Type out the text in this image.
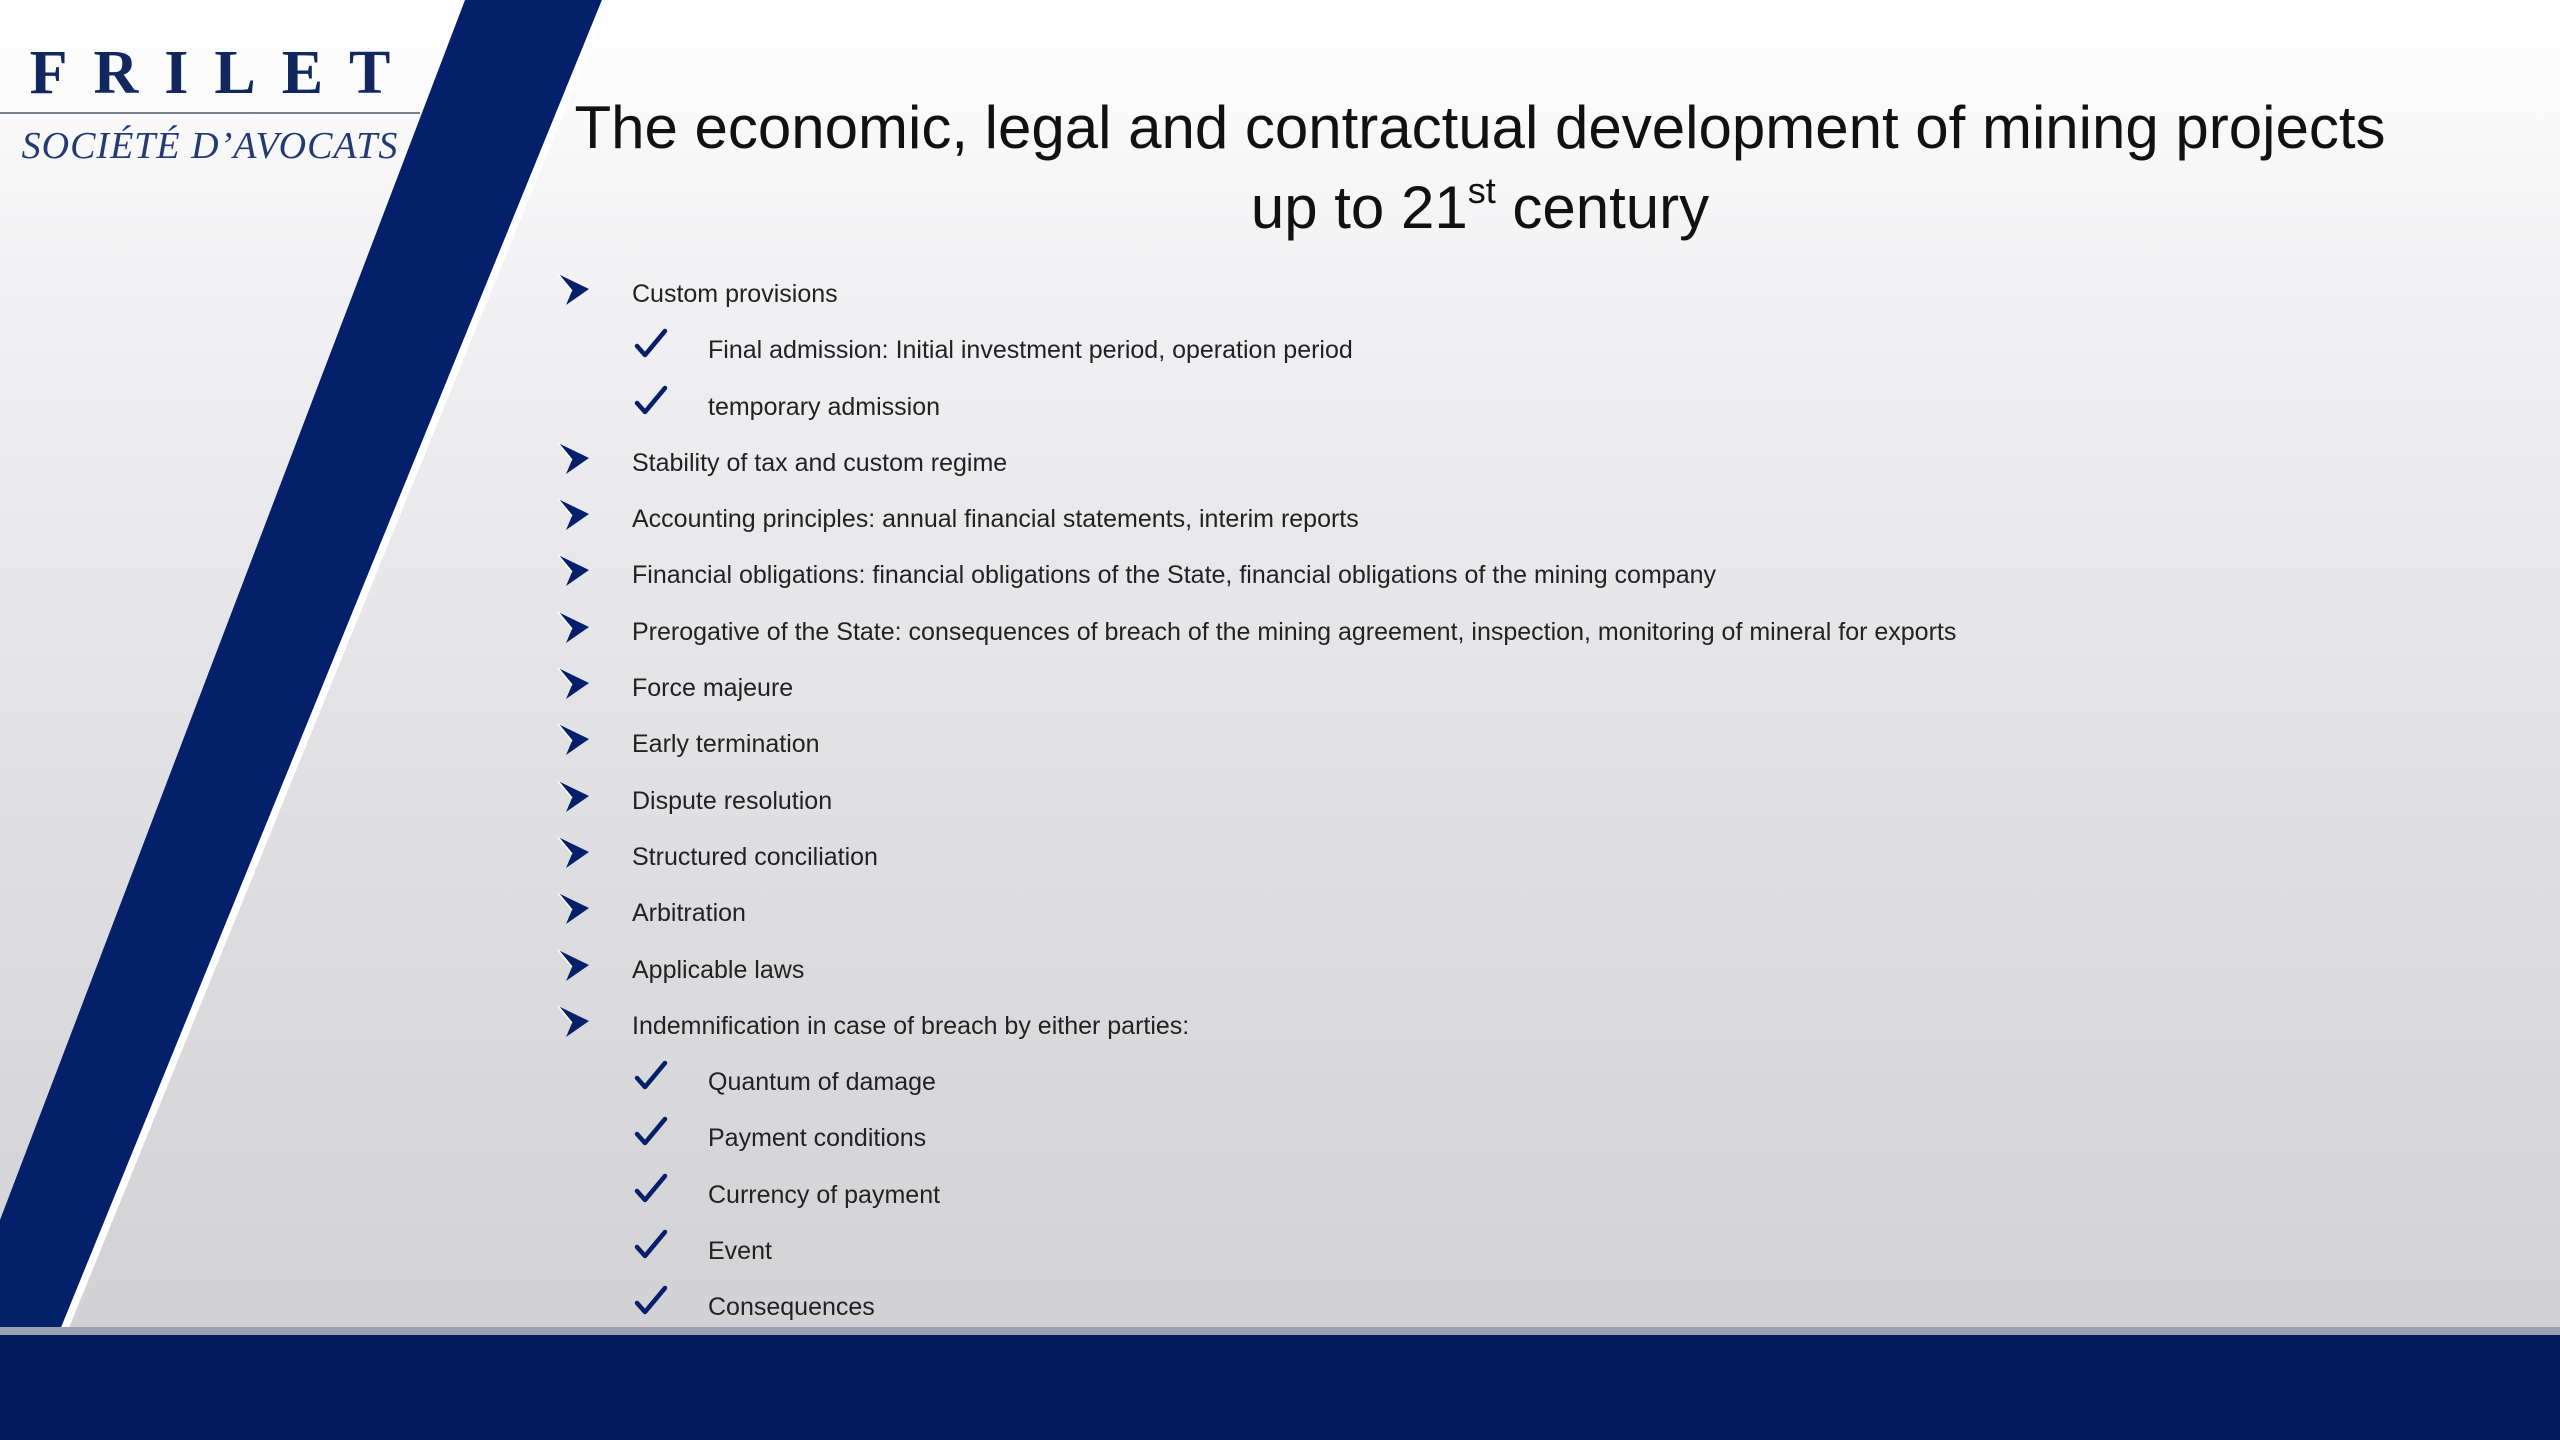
FRILET
SOCIÉTÉ D’AVOCATS	The economic, legal and contractual development of mining projects
up to 21st century
Custom provisions
Final admission: Initial investment period, operation period
temporary admission
Stability of tax and custom regime
Accounting principles: annual financial statements, interim reports
Financial obligations: financial obligations of the State, financial obligations of the mining company
Prerogative of the State: consequences of breach of the mining agreement, inspection, monitoring of mineral for exports
Force majeure
Early termination
Dispute resolution
Structured conciliation
Arbitration
Applicable laws
Indemnification in case of breach by either parties:
Quantum of damage
Payment conditions
Currency of payment
Event
Consequences
